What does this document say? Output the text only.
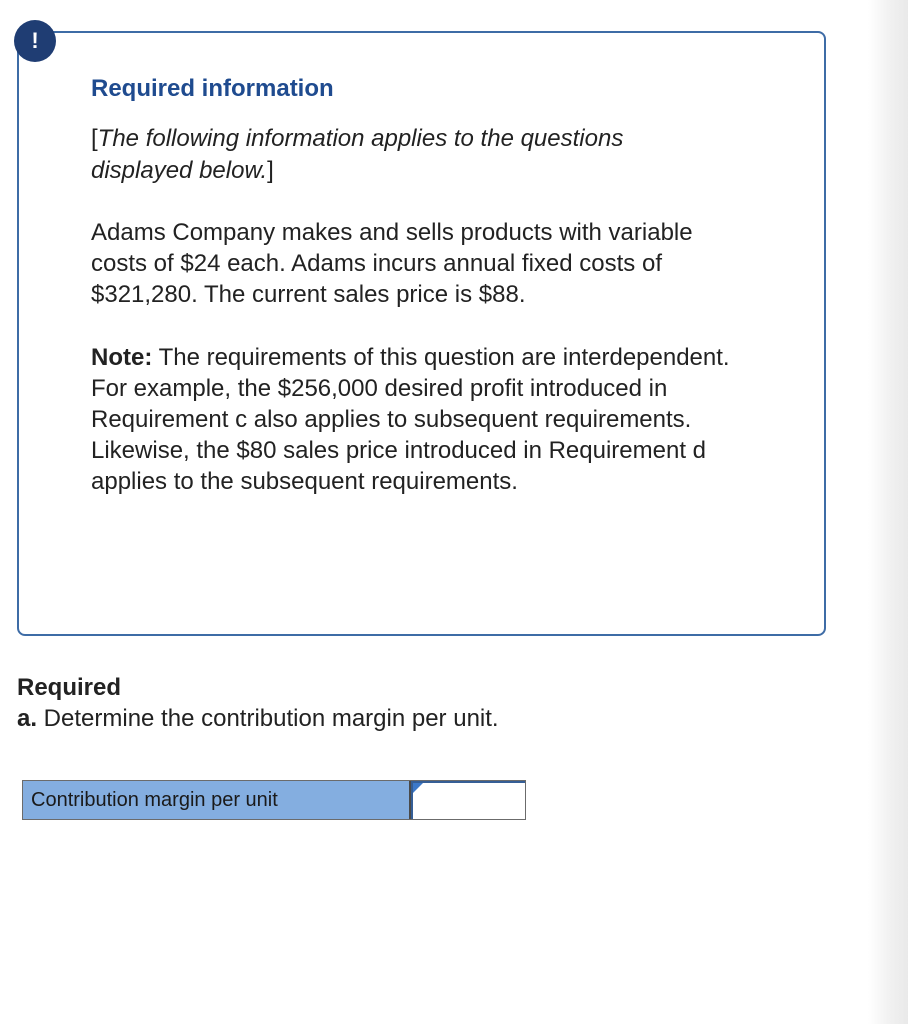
!
Required information

[The following information applies to the questions displayed below.]

Adams Company makes and sells products with variable costs of $24 each. Adams incurs annual fixed costs of $321,280. The current sales price is $88.

Note: The requirements of this question are interdependent. For example, the $256,000 desired profit introduced in Requirement c also applies to subsequent requirements. Likewise, the $80 sales price introduced in Requirement d applies to the subsequent requirements.

Required

a. Determine the contribution margin per unit.

Contribution margin per unit
